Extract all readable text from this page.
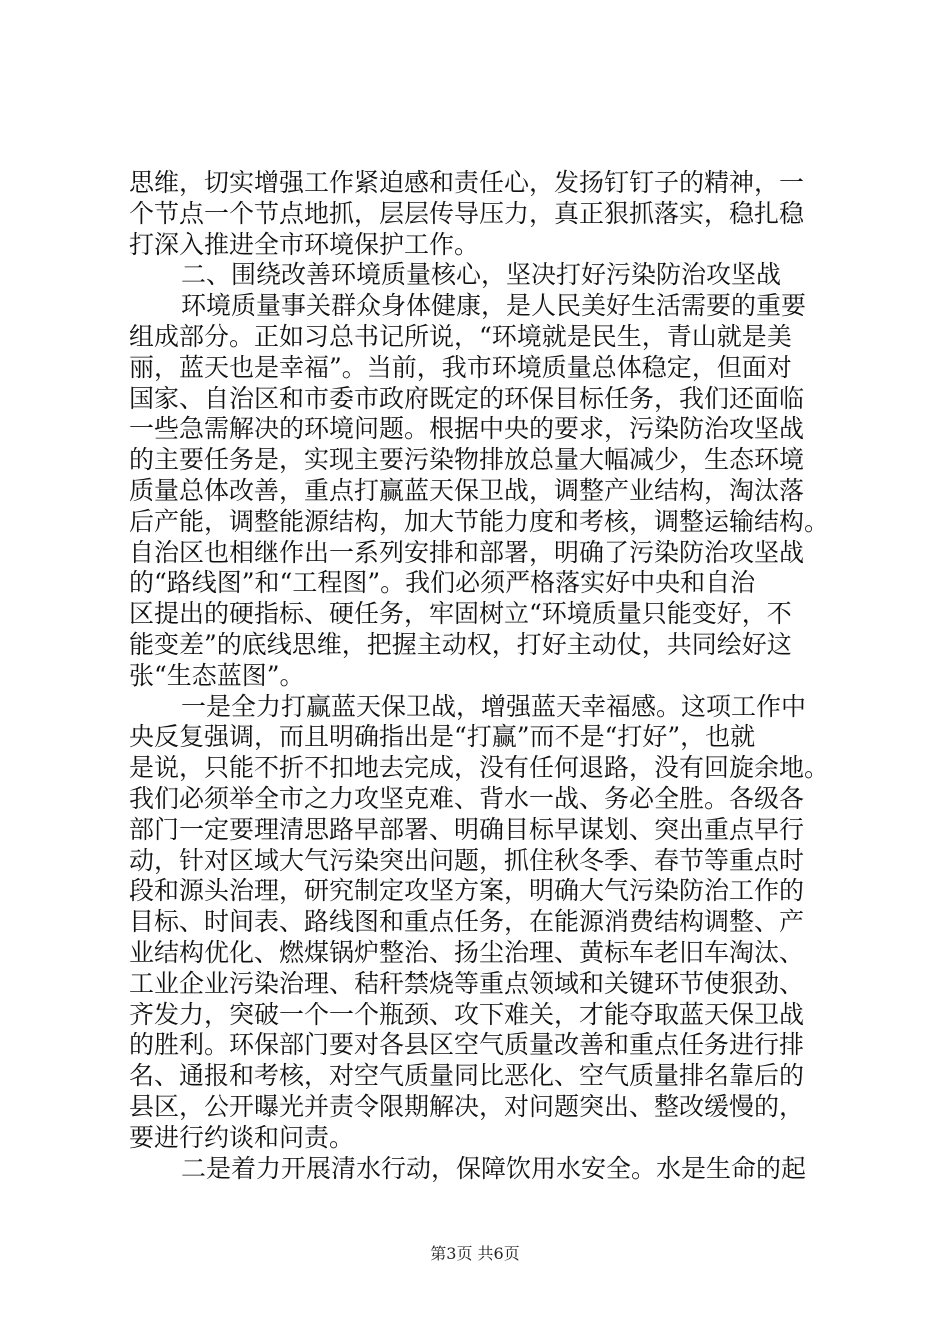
思维，切实增强工作紧迫感和责任心，发扬钉钉子的精神，一
个节点一个节点地抓，层层传导压力，真正狠抓落实，稳扎稳
打深入推进全市环境保护工作。
二、围绕改善环境质量核心，坚决打好污染防治攻坚战
环境质量事关群众身体健康，是人民美好生活需要的重要
组成部分。正如习总书记所说，“环境就是民生，青山就是美
丽，蓝天也是幸福”。当前，我市环境质量总体稳定，但面对
国家、自治区和市委市政府既定的环保目标任务，我们还面临
一些急需解决的环境问题。根据中央的要求，污染防治攻坚战
的主要任务是，实现主要污染物排放总量大幅减少，生态环境
质量总体改善，重点打赢蓝天保卫战，调整产业结构，淘汰落
后产能，调整能源结构，加大节能力度和考核，调整运输结构。
自治区也相继作出一系列安排和部署，明确了污染防治攻坚战
的“路线图”和“工程图”。我们必须严格落实好中央和自治
区提出的硬指标、硬任务，牢固树立“环境质量只能变好，不
能变差”的底线思维，把握主动权，打好主动仗，共同绘好这
张“生态蓝图”。
一是全力打赢蓝天保卫战，增强蓝天幸福感。这项工作中
央反复强调，而且明确指出是“打赢”而不是“打好”，也就
是说，只能不折不扣地去完成，没有任何退路，没有回旋余地。
我们必须举全市之力攻坚克难、背水一战、务必全胜。各级各
部门一定要理清思路早部署、明确目标早谋划、突出重点早行
动，针对区域大气污染突出问题，抓住秋冬季、春节等重点时
段和源头治理，研究制定攻坚方案，明确大气污染防治工作的
目标、时间表、路线图和重点任务，在能源消费结构调整、产
业结构优化、燃煤锅炉整治、扬尘治理、黄标车老旧车淘汰、
工业企业污染治理、秸秆禁烧等重点领域和关键环节使狠劲、
齐发力，突破一个一个瓶颈、攻下难关，才能夺取蓝天保卫战
的胜利。环保部门要对各县区空气质量改善和重点任务进行排
名、通报和考核，对空气质量同比恶化、空气质量排名靠后的
县区，公开曝光并责令限期解决，对问题突出、整改缓慢的，
要进行约谈和问责。
二是着力开展清水行动，保障饮用水安全。水是生命的起
第3页 共6页
